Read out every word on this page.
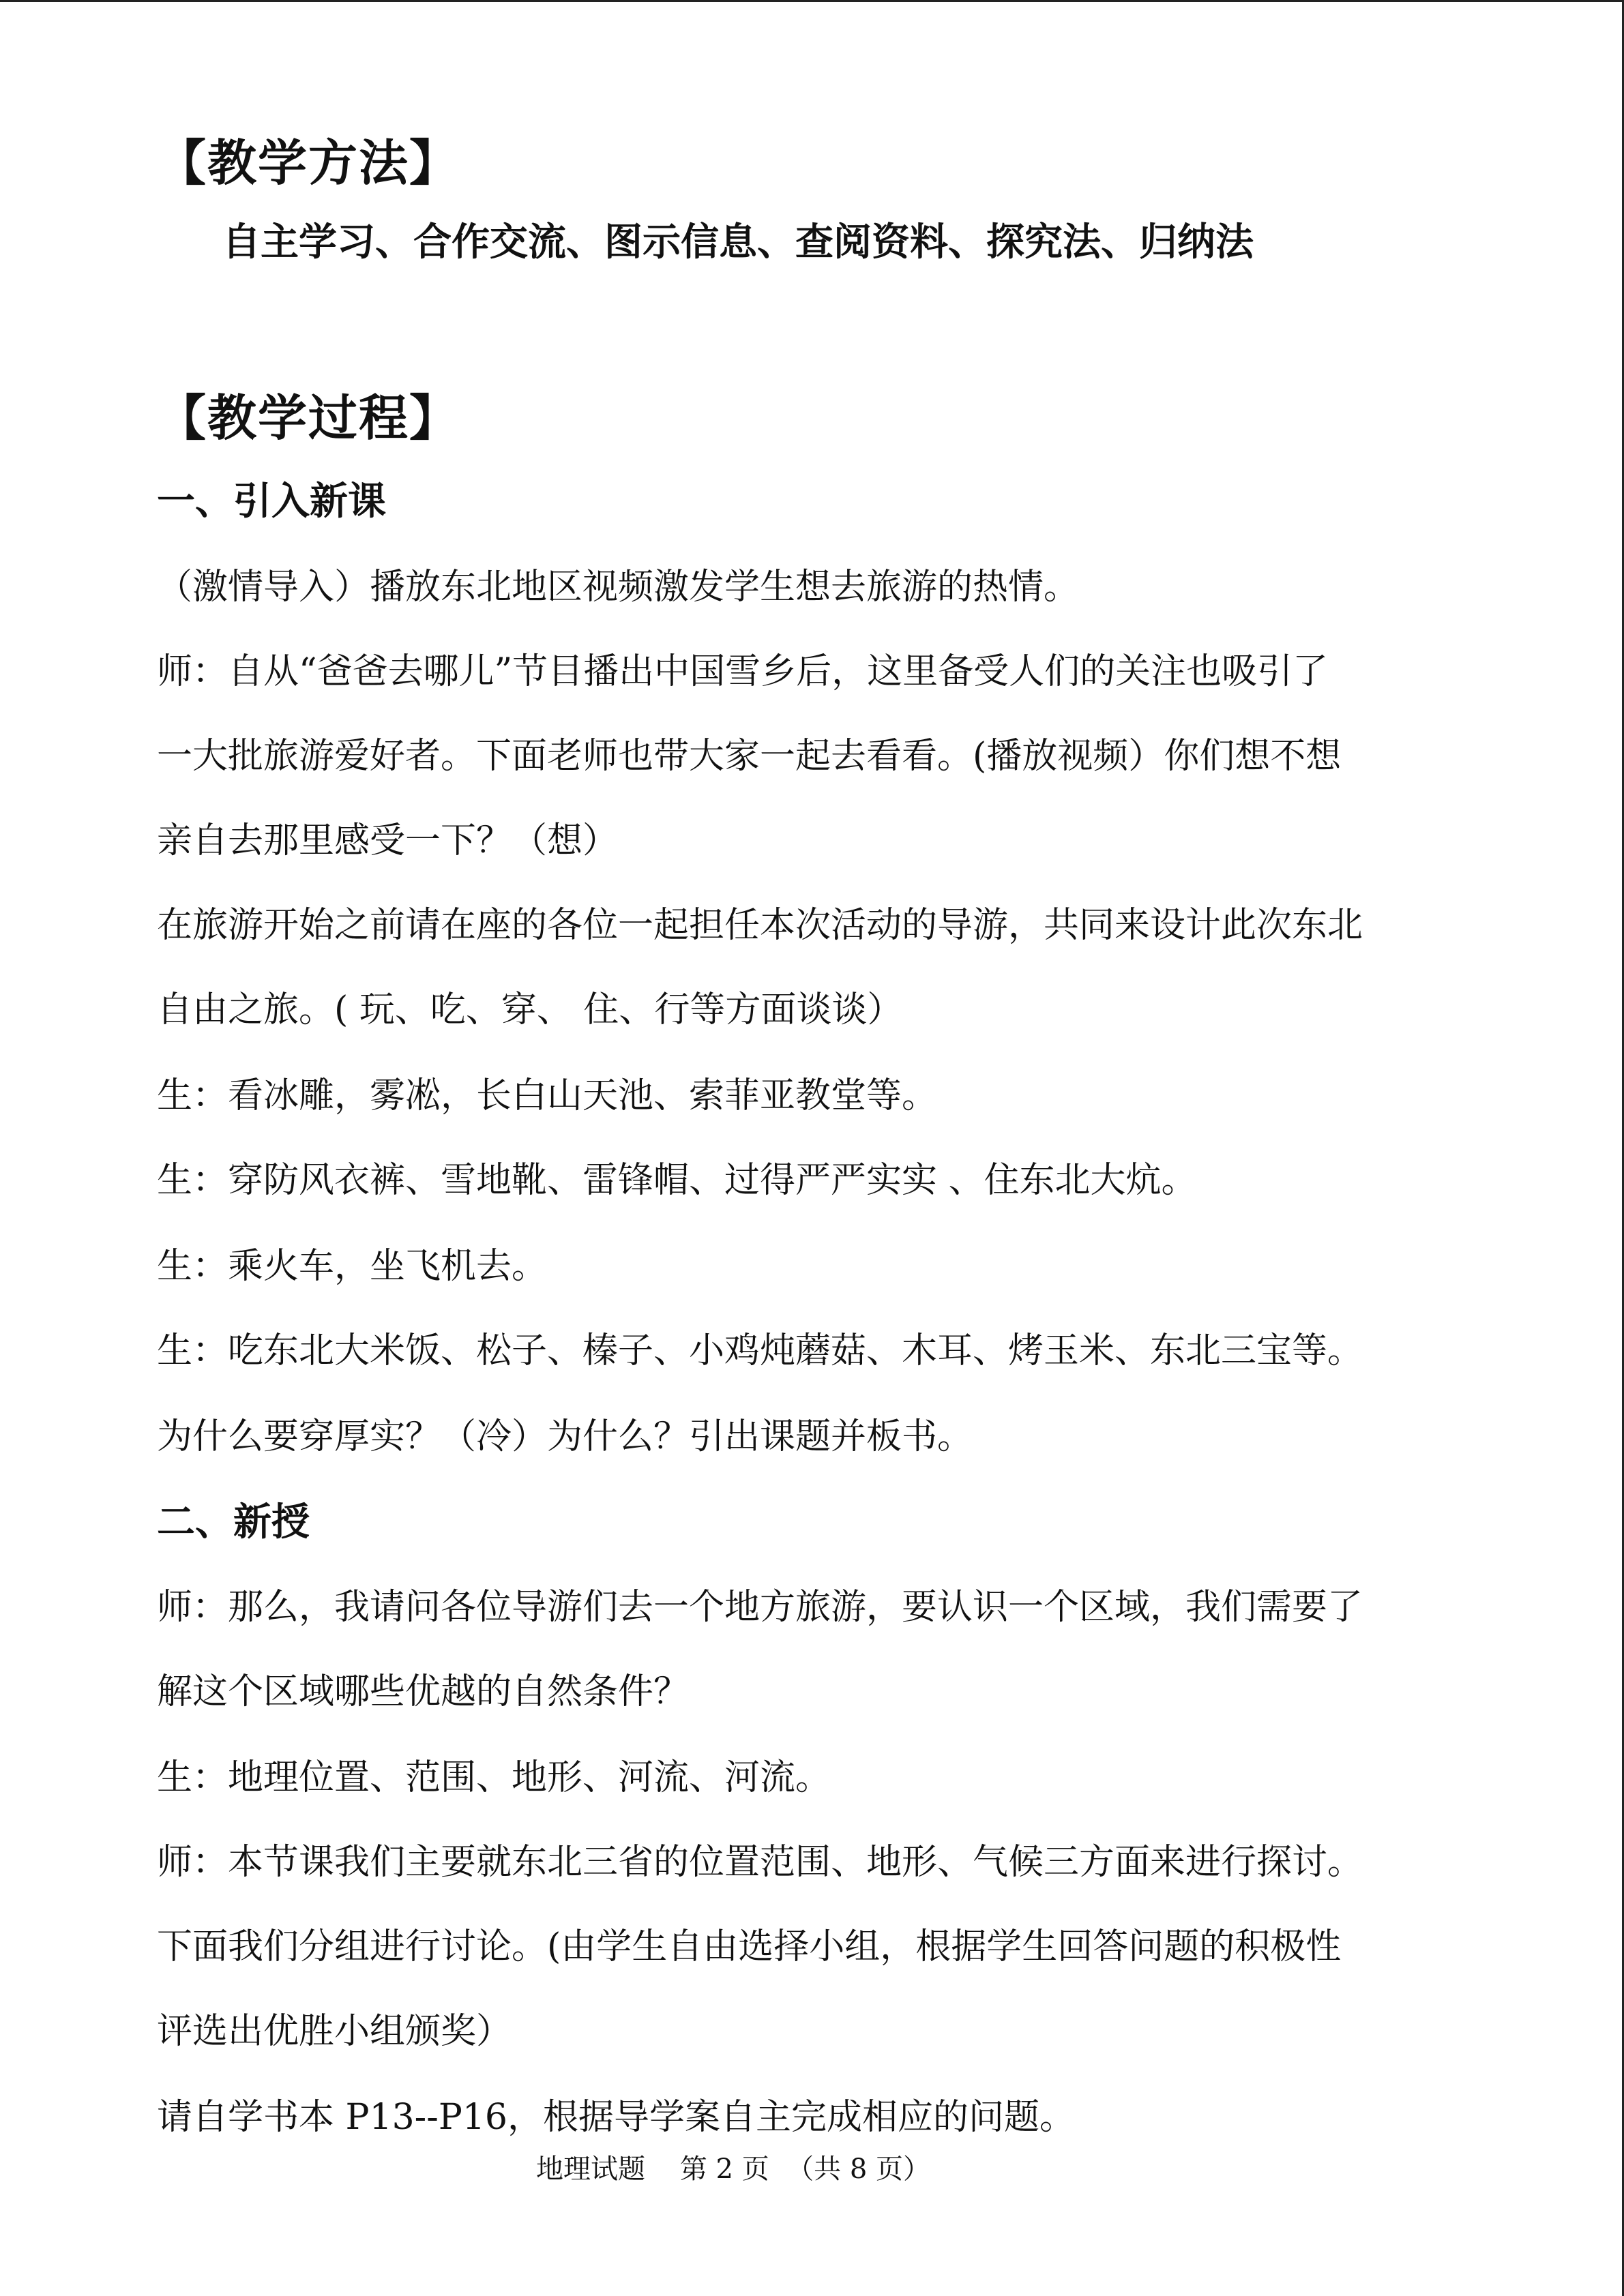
【教学方法】
自主学习、合作交流、图示信息、查阅资料、探究法、归纳法
【教学过程】
一、引入新课
（激情导入）播放东北地区视频激发学生想去旅游的热情。
师：自从“爸爸去哪儿”节目播出中国雪乡后，这里备受人们的关注也吸引了
一大批旅游爱好者。下面老师也带大家一起去看看。(播放视频）你们想不想
亲自去那里感受一下？（想）
在旅游开始之前请在座的各位一起担任本次活动的导游，共同来设计此次东北
自由之旅。( 玩、吃、穿、 住、行等方面谈谈）
生：看冰雕，雾凇，长白山天池、索菲亚教堂等。
生：穿防风衣裤、雪地靴、雷锋帽、过得严严实实 、住东北大炕。
生：乘火车，坐飞机去。
生：吃东北大米饭、松子、榛子、小鸡炖蘑菇、木耳、烤玉米、东北三宝等。
为什么要穿厚实？（冷）为什么？引出课题并板书。
二、新授
师：那么，我请问各位导游们去一个地方旅游，要认识一个区域，我们需要了
解这个区域哪些优越的自然条件？
生：地理位置、范围、地形、河流、河流。
师：本节课我们主要就东北三省的位置范围、地形、气候三方面来进行探讨。
下面我们分组进行讨论。(由学生自由选择小组，根据学生回答问题的积极性
评选出优胜小组颁奖）
请自学书本 P13--P16，根据导学案自主完成相应的问题。
地理试题    第 2 页  （共 8 页）
